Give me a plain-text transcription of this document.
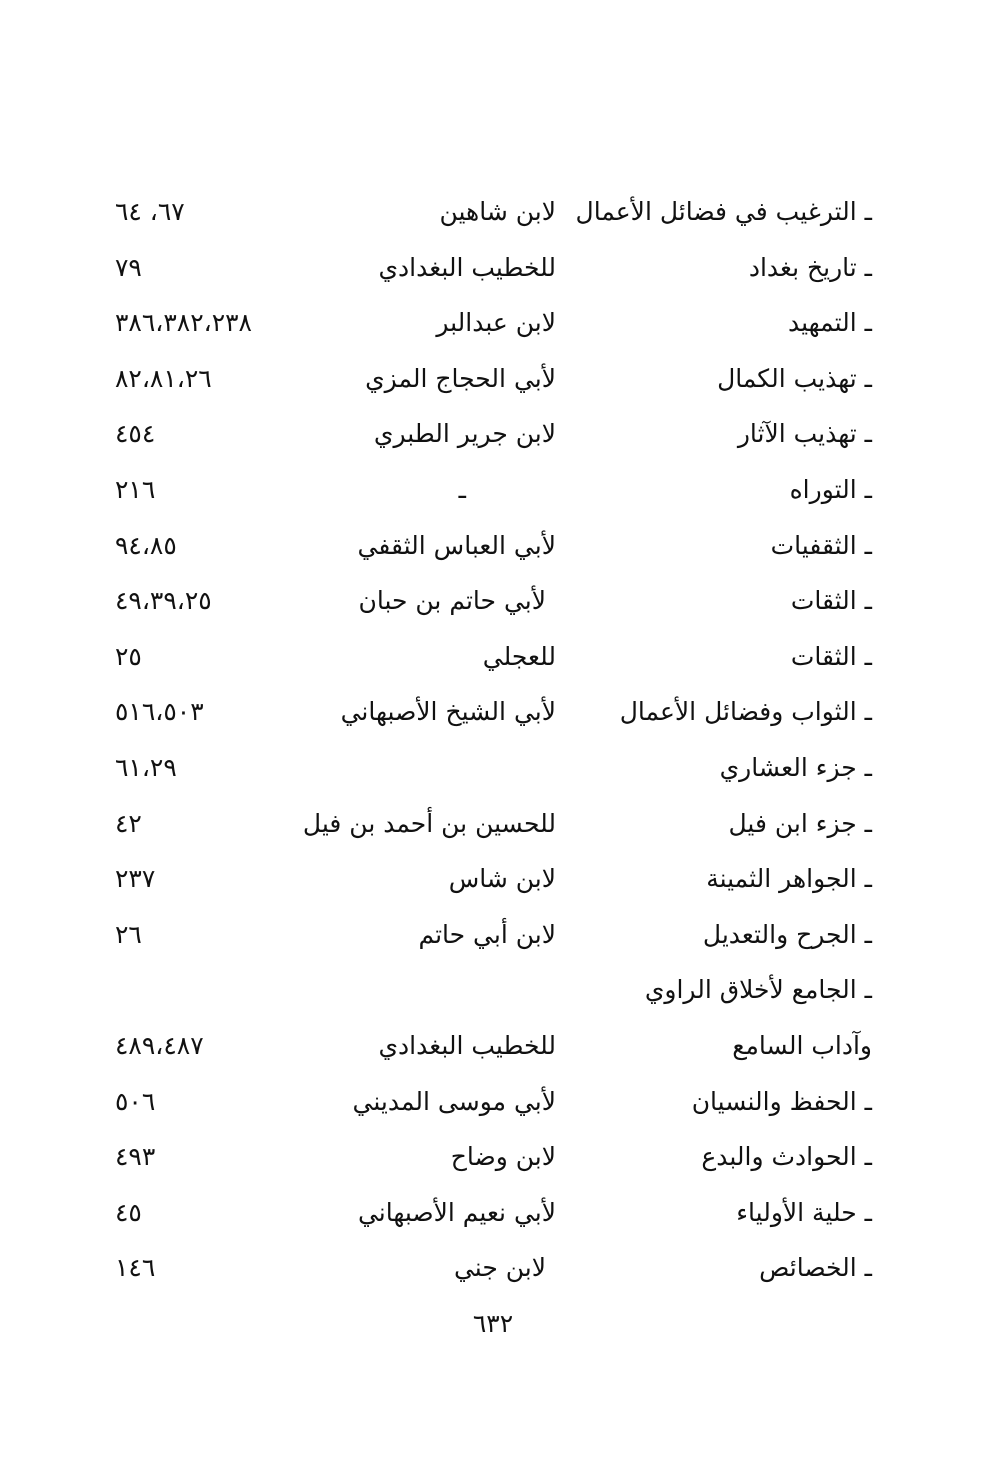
ـ الترغيب في فضائل الأعمال
لابن شاهين
٦٧، ٦٤
ـ تاريخ بغداد
للخطيب البغدادي
٧٩
ـ التمهيد
لابن عبدالبر
٣٨٦،٣٨٢،٢٣٨
ـ تهذيب الكمال
لأبي الحجاج المزي
٨٢،٨١،٢٦
ـ تهذيب الآثار
لابن جرير الطبري
٤٥٤
ـ التوراه
ـ
٢١٦
ـ الثقفيات
لأبي العباس الثقفي
٩٤،٨٥
ـ الثقات
لأبي حاتم بن حبان
٤٩،٣٩،٢٥
ـ الثقات
للعجلي
٢٥
ـ الثواب وفضائل الأعمال
لأبي الشيخ الأصبهاني
٥١٦،٥٠٣
ـ جزء العشاري
٦١،٢٩
ـ جزء ابن فيل
للحسين بن أحمد بن فيل
٤٢
ـ الجواهر الثمينة
لابن شاس
٢٣٧
ـ الجرح والتعديل
لابن أبي حاتم
٢٦
ـ الجامع لأخلاق الراوي
وآداب السامع
للخطيب البغدادي
٤٨٩،٤٨٧
ـ الحفظ والنسيان
لأبي موسى المديني
٥٠٦
ـ الحوادث والبدع
لابن وضاح
٤٩٣
ـ حلية الأولياء
لأبي نعيم الأصبهاني
٤٥
ـ الخصائص
لابن جني
١٤٦
٦٣٢
